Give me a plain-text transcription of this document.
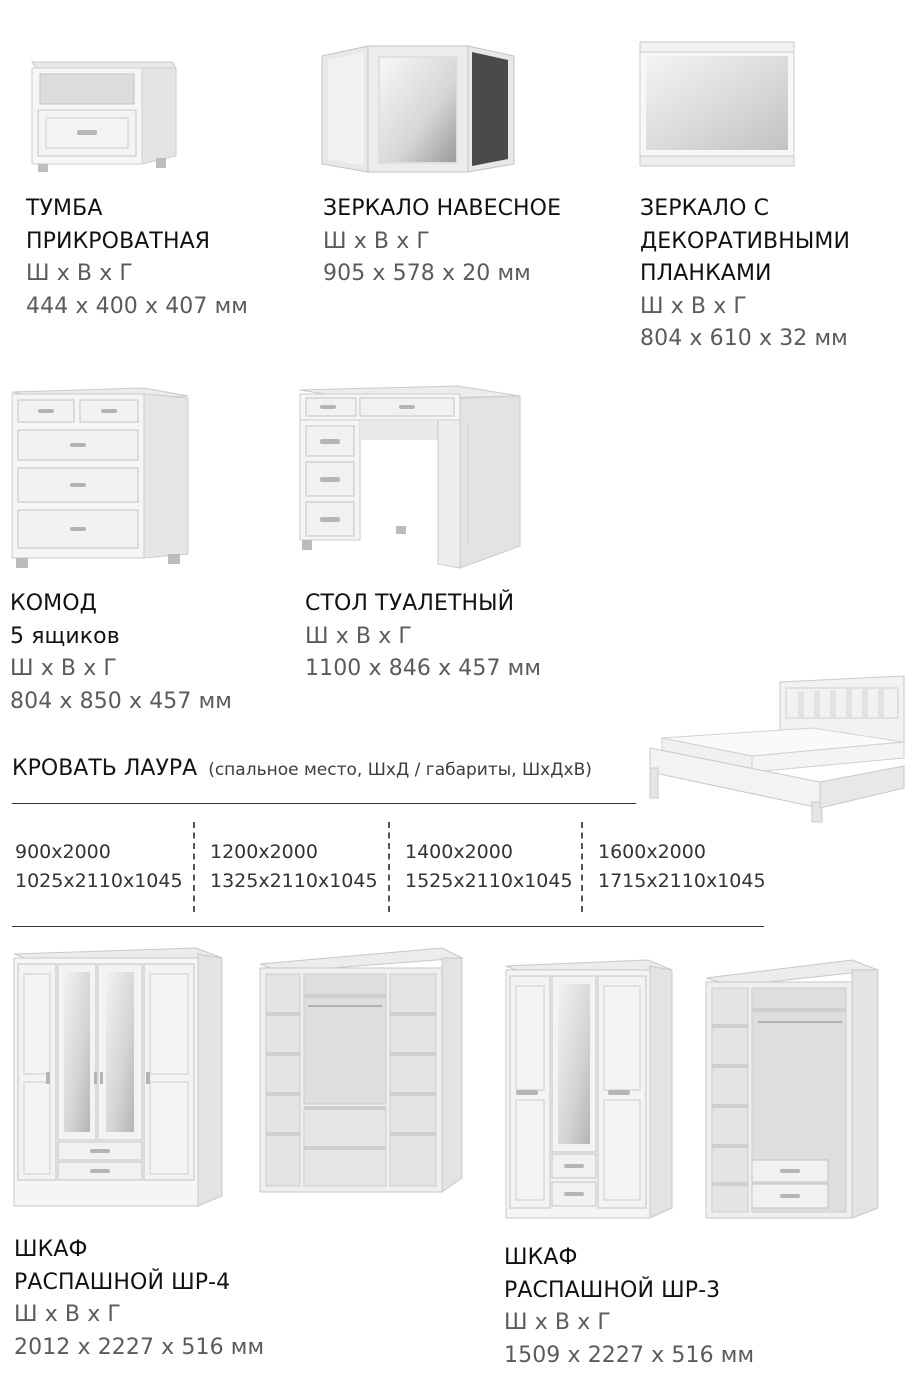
ТУМБА
ПРИКРОВАТНАЯ
Ш х В х Г
444 х 400 х 407 мм
ЗЕРКАЛО НАВЕСНОЕ
Ш х В х Г
905 х 578 х 20 мм
ЗЕРКАЛО С
ДЕКОРАТИВНЫМИ
ПЛАНКАМИ
Ш х В х Г
804 х 610 х 32 мм
КОМОД
5 ящиков
Ш х В х Г
804 х 850 х 457 мм
СТОЛ ТУАЛЕТНЫЙ
Ш х В х Г
1100 х 846 х 457 мм
КРОВАТЬ ЛАУРА (спальное место, ШхД / габариты, ШхДхВ)
900х2000
1025х2110х1045
1200х2000
1325х2110х1045
1400х2000
1525х2110х1045
1600х2000
1715х2110х1045
ШКАФ
РАСПАШНОЙ ШР-4
Ш х В х Г
2012 х 2227 х 516 мм
ШКАФ
РАСПАШНОЙ ШР-3
Ш х В х Г
1509 х 2227 х 516 мм
